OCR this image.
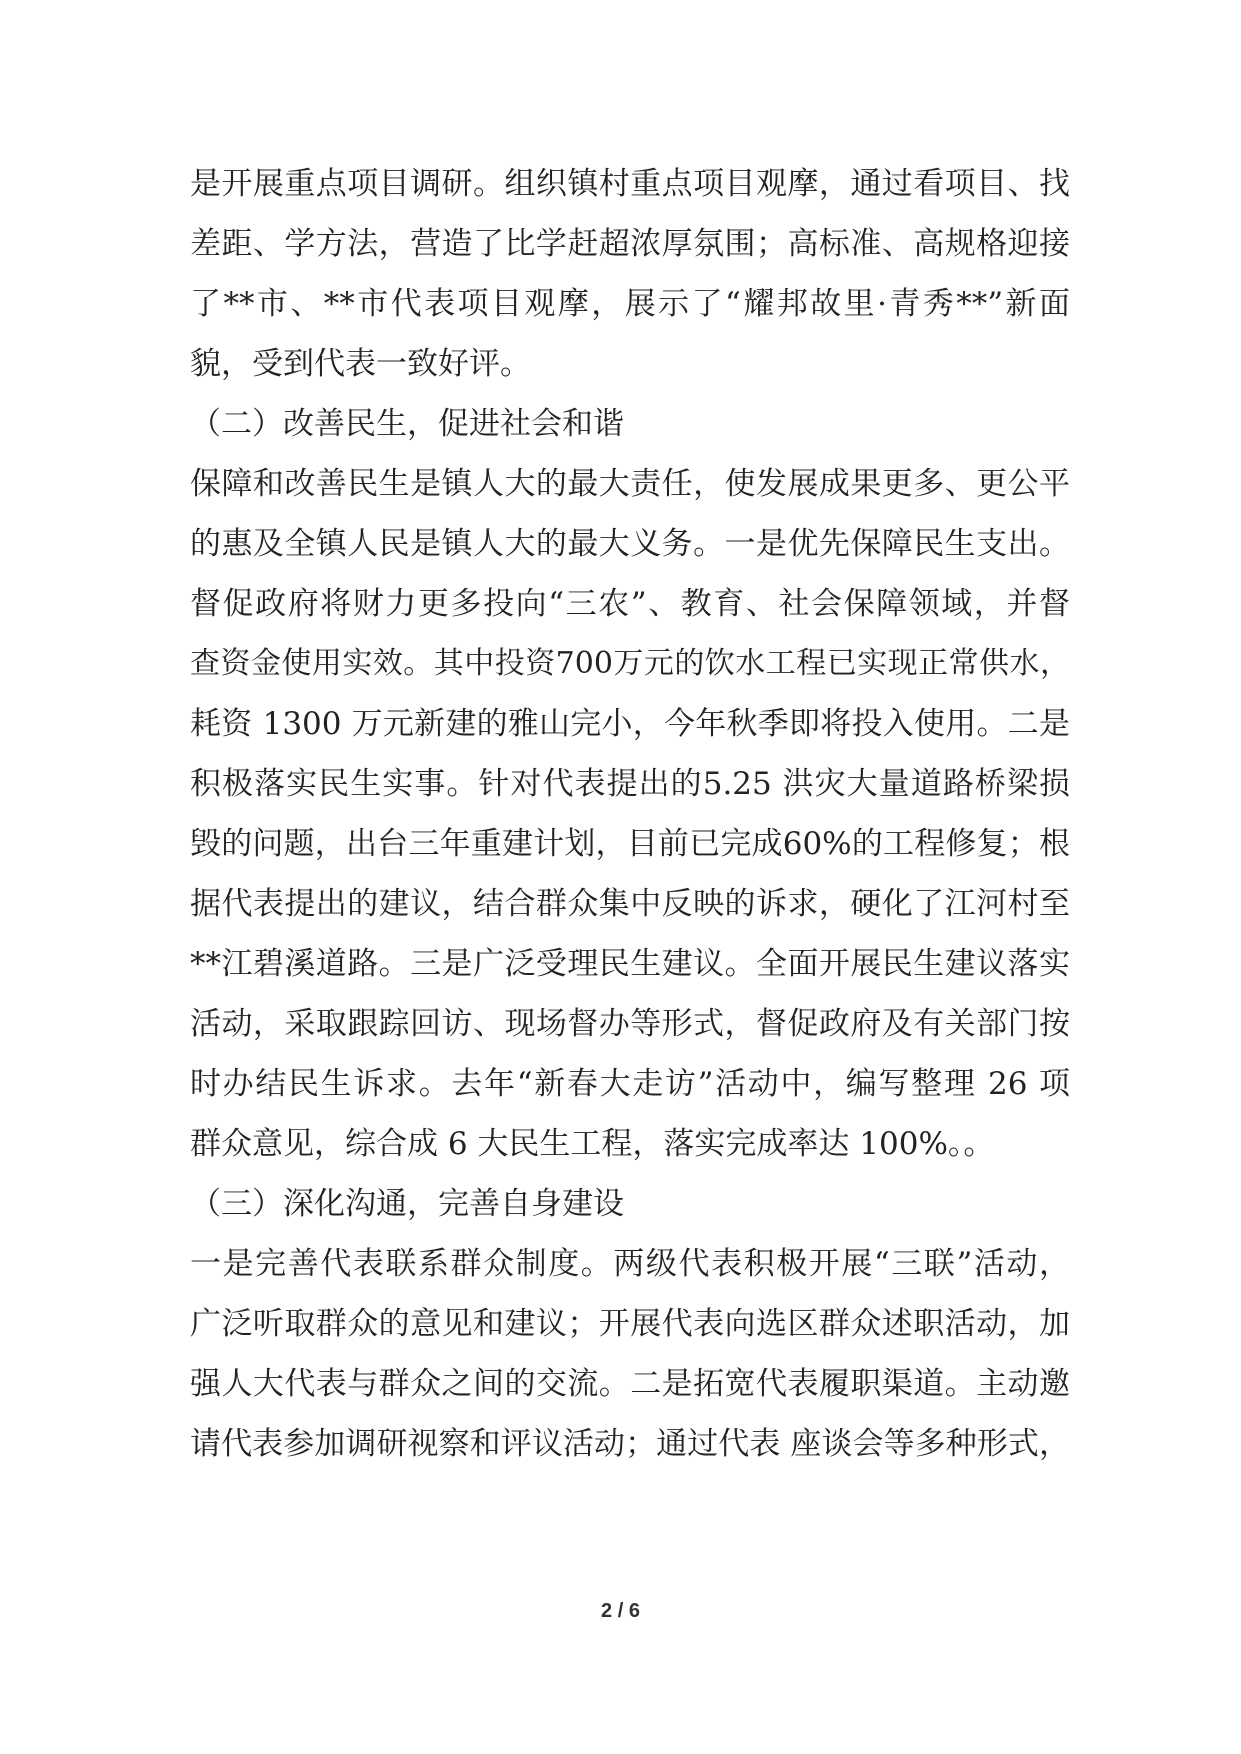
是开展重点项目调研。组织镇村重点项目观摩，通过看项目、找
差距、学方法，营造了比学赶超浓厚氛围；高标准、高规格迎接
了**市、**市代表项目观摩，展示了“耀邦故里·青秀**”新面
貌，受到代表一致好评。
（二）改善民生，促进社会和谐
保障和改善民生是镇人大的最大责任，使发展成果更多、更公平
的惠及全镇人民是镇人大的最大义务。一是优先保障民生支出。
督促政府将财力更多投向“三农”、教育、社会保障领域，并督
查资金使用实效。其中投资700万元的饮水工程已实现正常供水，
耗资 1300 万元新建的雅山完小，今年秋季即将投入使用。二是
积极落实民生实事。针对代表提出的5.25 洪灾大量道路桥梁损
毁的问题，出台三年重建计划，目前已完成60%的工程修复；根
据代表提出的建议，结合群众集中反映的诉求，硬化了江河村至
**江碧溪道路。三是广泛受理民生建议。全面开展民生建议落实
活动，采取跟踪回访、现场督办等形式，督促政府及有关部门按
时办结民生诉求。去年“新春大走访”活动中，编写整理 26 项
群众意见，综合成 6 大民生工程，落实完成率达 100%。。
（三）深化沟通，完善自身建设
一是完善代表联系群众制度。两级代表积极开展“三联”活动，
广泛听取群众的意见和建议；开展代表向选区群众述职活动，加
强人大代表与群众之间的交流。二是拓宽代表履职渠道。主动邀
请代表参加调研视察和评议活动；通过代表 座谈会等多种形式，
2 / 6
